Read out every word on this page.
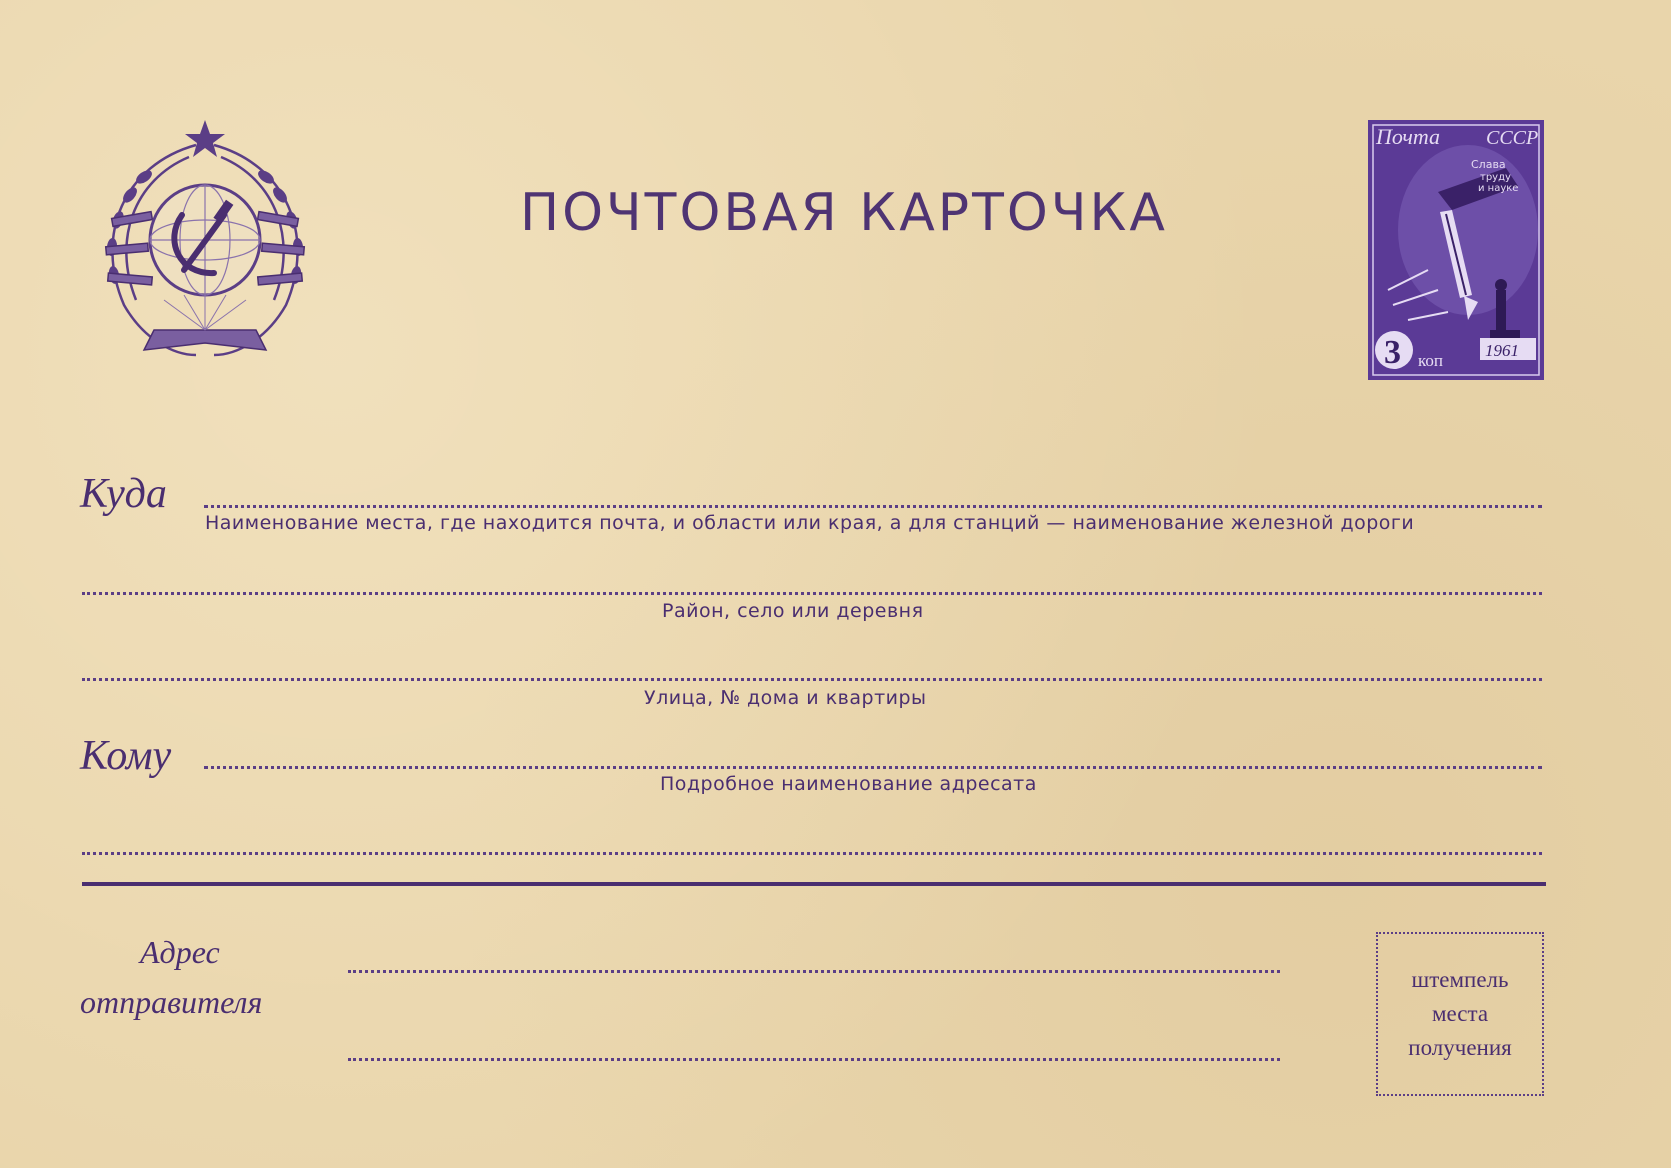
ПОЧТОВАЯ КАРТОЧКА
Почта СССР
Слава
труду
и науке
3 коп
1961
Куда
Наименование места, где находится почта, и области или края, а для станций — наименование железной дороги
Район, село или деревня
Улица, № дома и квартиры
Кому
Подробное наименование адресата
Адрес
отправителя
штемпель
места
получения
